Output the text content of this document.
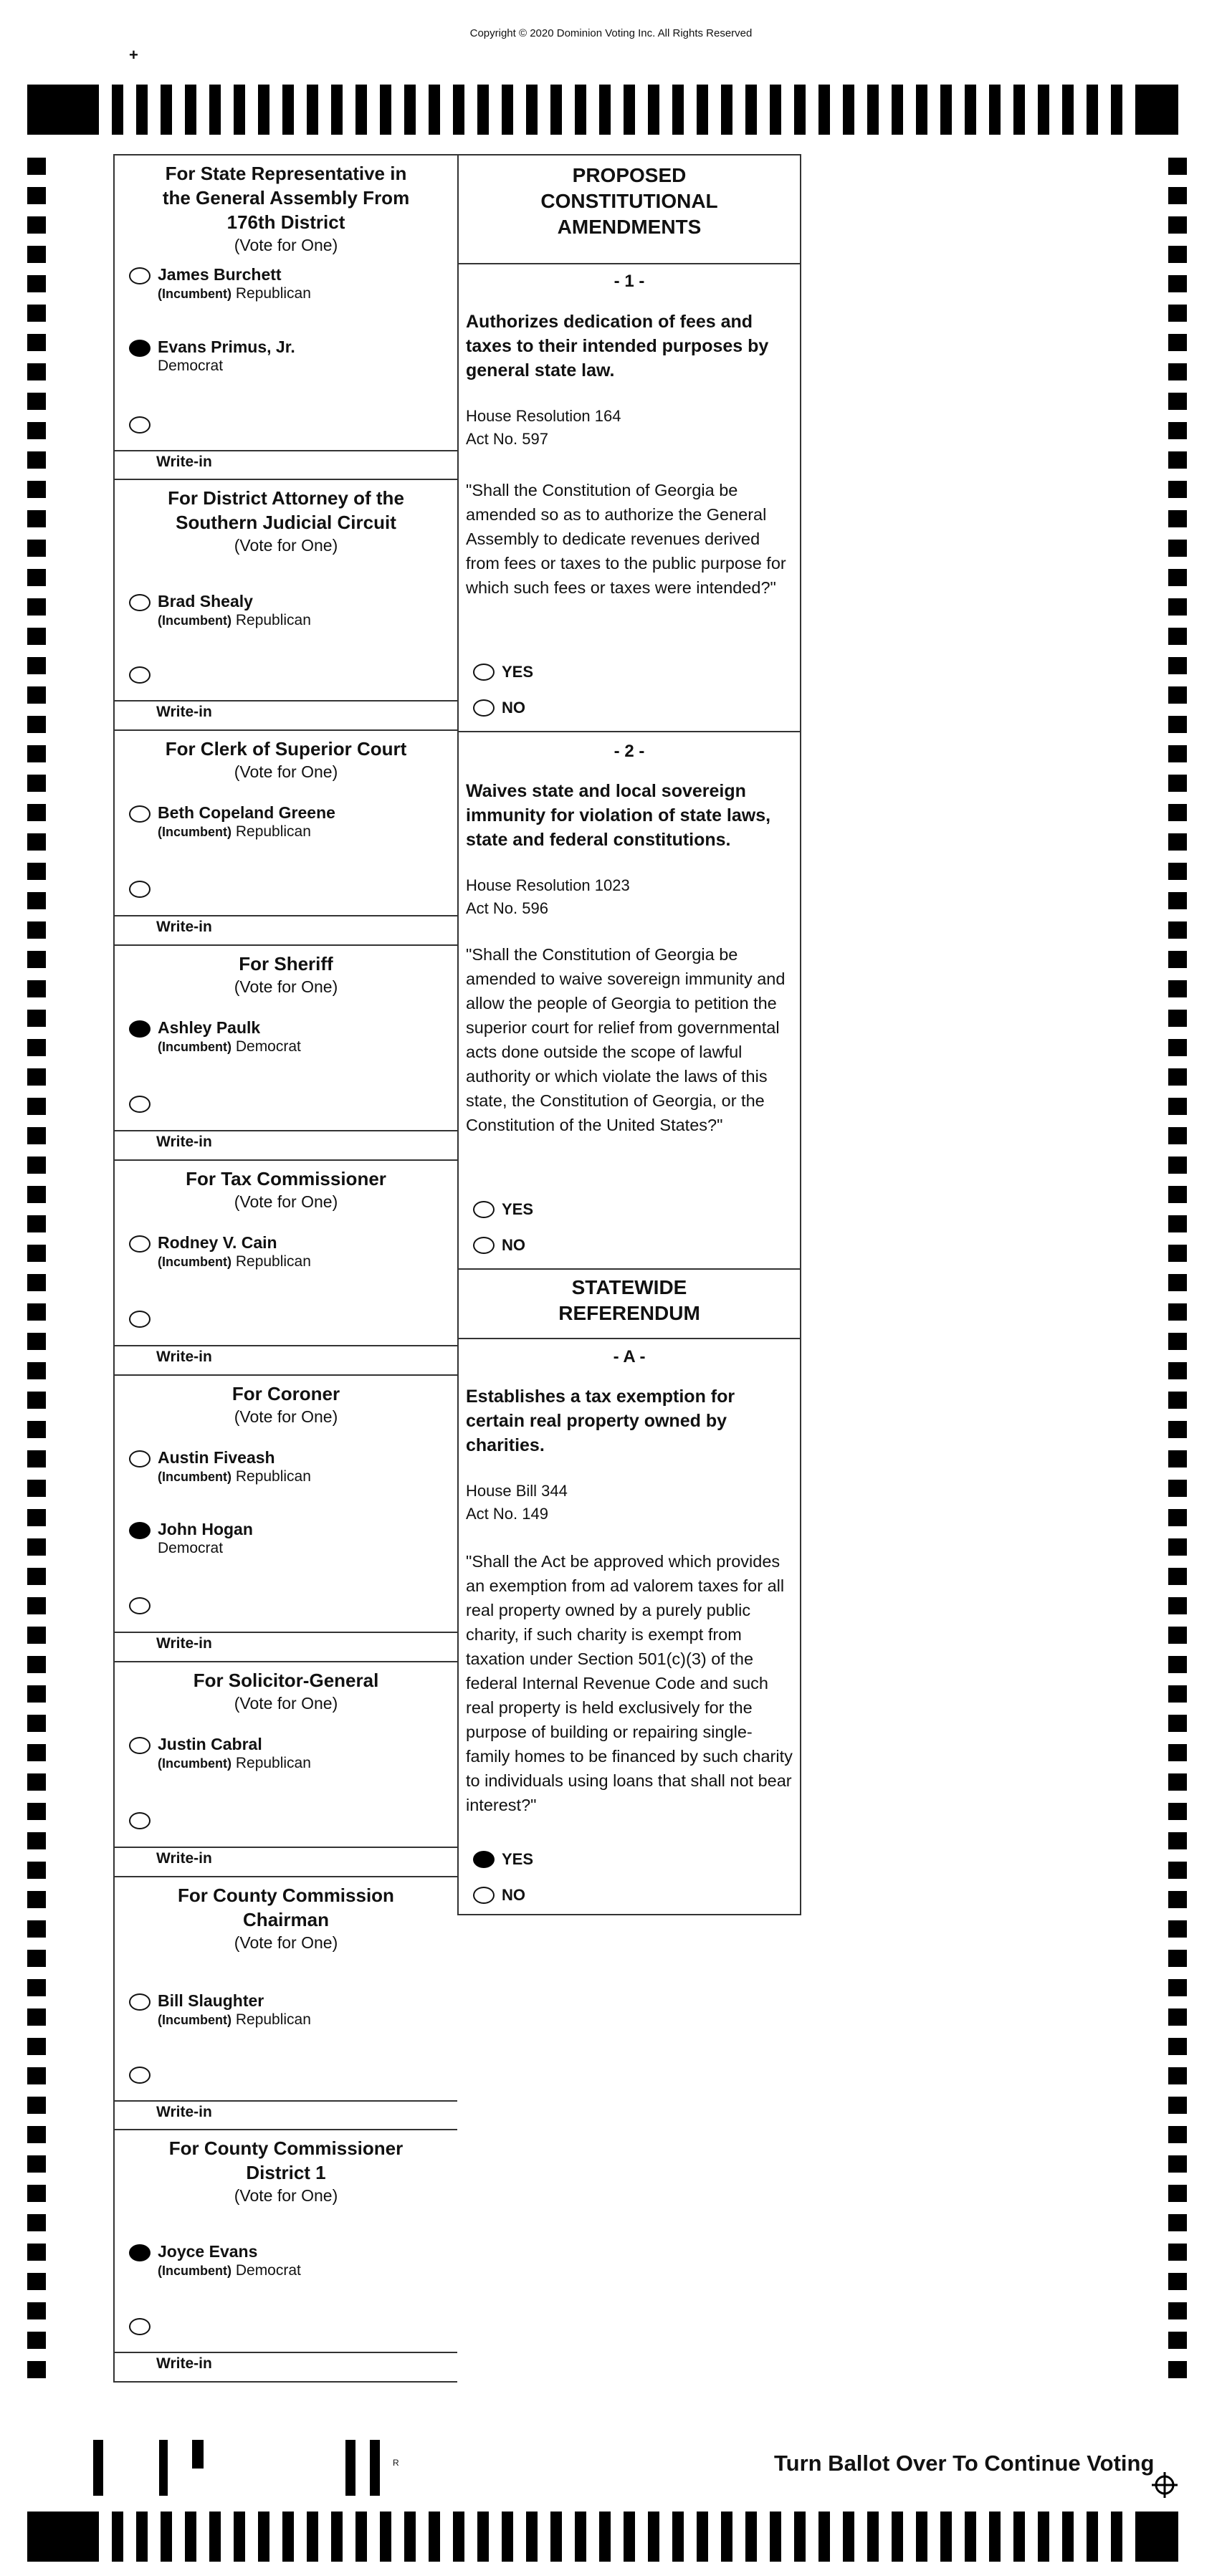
Copyright © 2020 Dominion Voting Inc. All Rights Reserved
+
For State Representative in the General Assembly From 176th District
(Vote for One)
James Burchett
(Incumbent) Republican
Evans Primus, Jr.
Democrat
Write-in
For District Attorney of the Southern Judicial Circuit
(Vote for One)
Brad Shealy
(Incumbent) Republican
Write-in
For Clerk of Superior Court
(Vote for One)
Beth Copeland Greene
(Incumbent) Republican
Write-in
For Sheriff
(Vote for One)
Ashley Paulk
(Incumbent) Democrat
Write-in
For Tax Commissioner
(Vote for One)
Rodney V. Cain
(Incumbent) Republican
Write-in
For Coroner
(Vote for One)
Austin Fiveash
(Incumbent) Republican
John Hogan
Democrat
Write-in
For Solicitor-General
(Vote for One)
Justin Cabral
(Incumbent) Republican
Write-in
For County Commission Chairman
(Vote for One)
Bill Slaughter
(Incumbent) Republican
Write-in
For County Commissioner District 1
(Vote for One)
Joyce Evans
(Incumbent) Democrat
Write-in
PROPOSED CONSTITUTIONAL AMENDMENTS
- 1 -
Authorizes dedication of fees and taxes to their intended purposes by general state law.
House Resolution 164
Act No. 597
"Shall the Constitution of Georgia be amended so as to authorize the General Assembly to dedicate revenues derived from fees or taxes to the public purpose for which such fees or taxes were intended?"
YES
NO
- 2 -
Waives state and local sovereign immunity for violation of state laws, state and federal constitutions.
House Resolution 1023
Act No. 596
"Shall the Constitution of Georgia be amended to waive sovereign immunity and allow the people of Georgia to petition the superior court for relief from governmental acts done outside the scope of lawful authority or which violate the laws of this state, the Constitution of Georgia, or the Constitution of the United States?"
YES
NO
STATEWIDE REFERENDUM
- A -
Establishes a tax exemption for certain real property owned by charities.
House Bill 344
Act No. 149
"Shall the Act be approved which provides an exemption from ad valorem taxes for all real property owned by a purely public charity, if such charity is exempt from taxation under Section 501(c)(3) of the federal Internal Revenue Code and such real property is held exclusively for the purpose of building or repairing single-family homes to be financed by such charity to individuals using loans that shall not bear interest?"
YES
NO
R	Turn Ballot Over To Continue Voting
